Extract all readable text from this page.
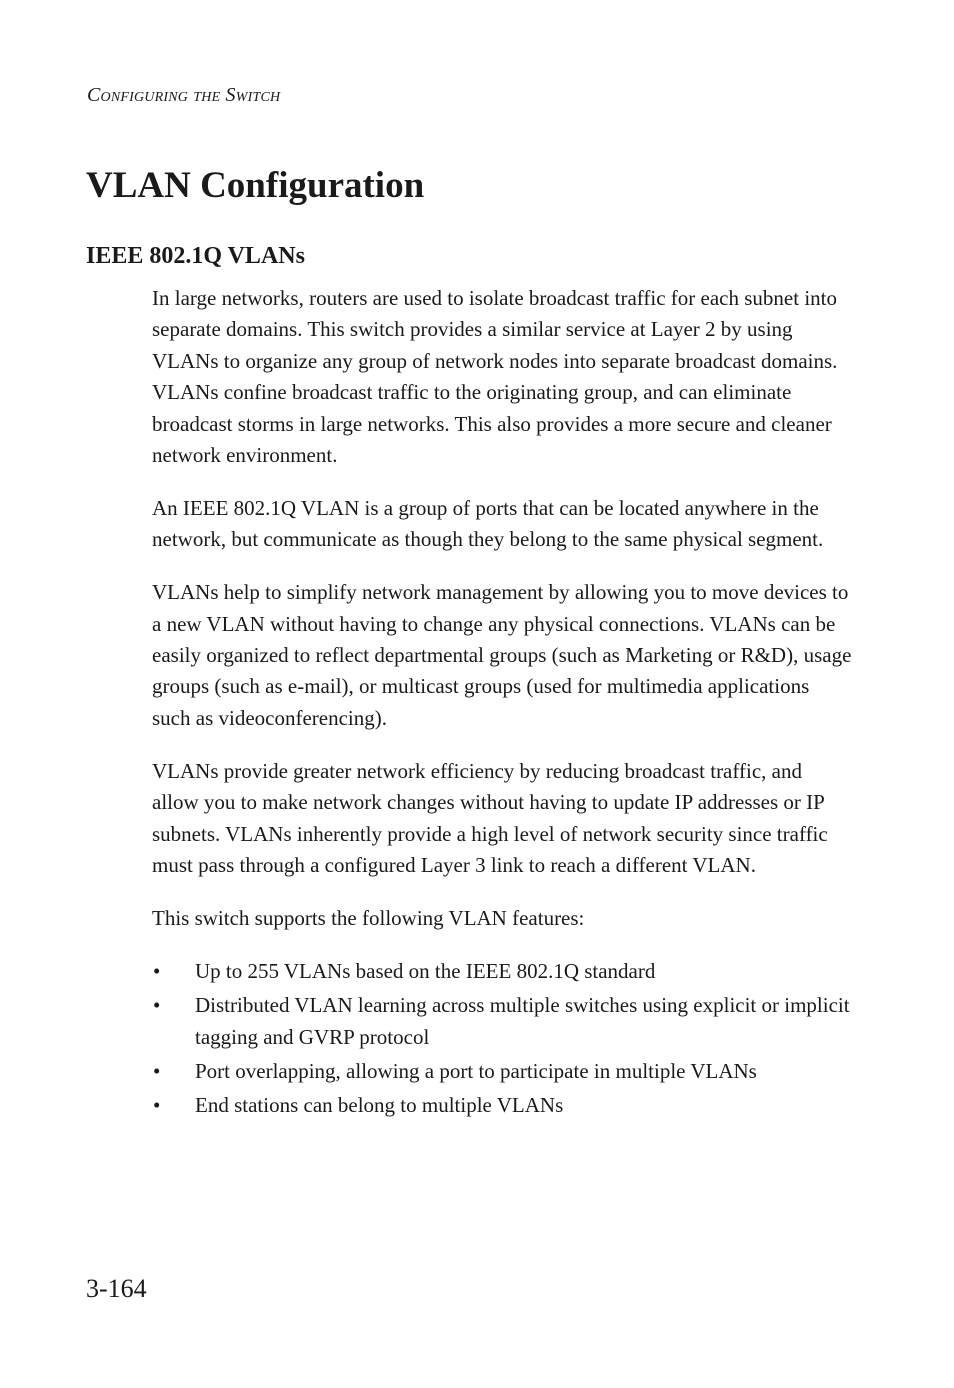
Configuring the Switch
VLAN Configuration
IEEE 802.1Q VLANs

In large networks, routers are used to isolate broadcast traffic for each subnet into separate domains. This switch provides a similar service at Layer 2 by using VLANs to organize any group of network nodes into separate broadcast domains. VLANs confine broadcast traffic to the originating group, and can eliminate broadcast storms in large networks. This also provides a more secure and cleaner network environment.

An IEEE 802.1Q VLAN is a group of ports that can be located anywhere in the network, but communicate as though they belong to the same physical segment.

VLANs help to simplify network management by allowing you to move devices to a new VLAN without having to change any physical connections. VLANs can be easily organized to reflect departmental groups (such as Marketing or R&D), usage groups (such as e-mail), or multicast groups (used for multimedia applications such as videoconferencing).

VLANs provide greater network efficiency by reducing broadcast traffic, and allow you to make network changes without having to update IP addresses or IP subnets. VLANs inherently provide a high level of network security since traffic must pass through a configured Layer 3 link to reach a different VLAN.

This switch supports the following VLAN features:

• Up to 255 VLANs based on the IEEE 802.1Q standard
• Distributed VLAN learning across multiple switches using explicit or implicit tagging and GVRP protocol
• Port overlapping, allowing a port to participate in multiple VLANs
• End stations can belong to multiple VLANs
3-164
